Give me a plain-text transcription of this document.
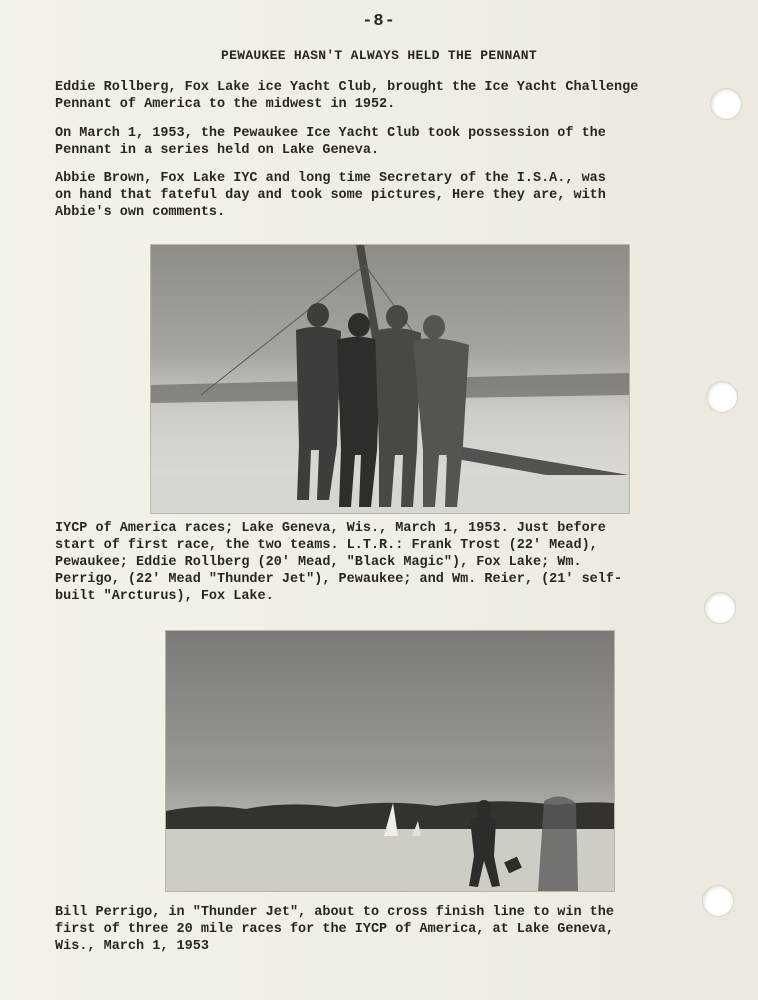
-8-
PEWAUKEE HASN'T ALWAYS HELD THE PENNANT
Eddie Rollberg, Fox Lake ice Yacht Club, brought the Ice Yacht Challenge
Pennant of America to the midwest in 1952.
On March 1, 1953, the Pewaukee Ice Yacht Club took possession of the
Pennant in a series held on Lake Geneva.
Abbie Brown, Fox Lake IYC and long time Secretary of the I.S.A., was
on hand that fateful day and took some pictures, Here they are, with
Abbie's own comments.
IYCP of America races; Lake Geneva, Wis., March 1, 1953. Just before
start of first race, the two teams. L.T.R.: Frank Trost (22' Mead),
Pewaukee; Eddie Rollberg (20' Mead, "Black Magic"), Fox Lake; Wm.
Perrigo, (22' Mead "Thunder Jet"), Pewaukee; and Wm. Reier, (21' self-
built "Arcturus), Fox Lake.
Bill Perrigo, in "Thunder Jet", about to cross finish line to win the
first of three 20 mile races for the IYCP of America, at Lake Geneva,
Wis., March 1, 1953
